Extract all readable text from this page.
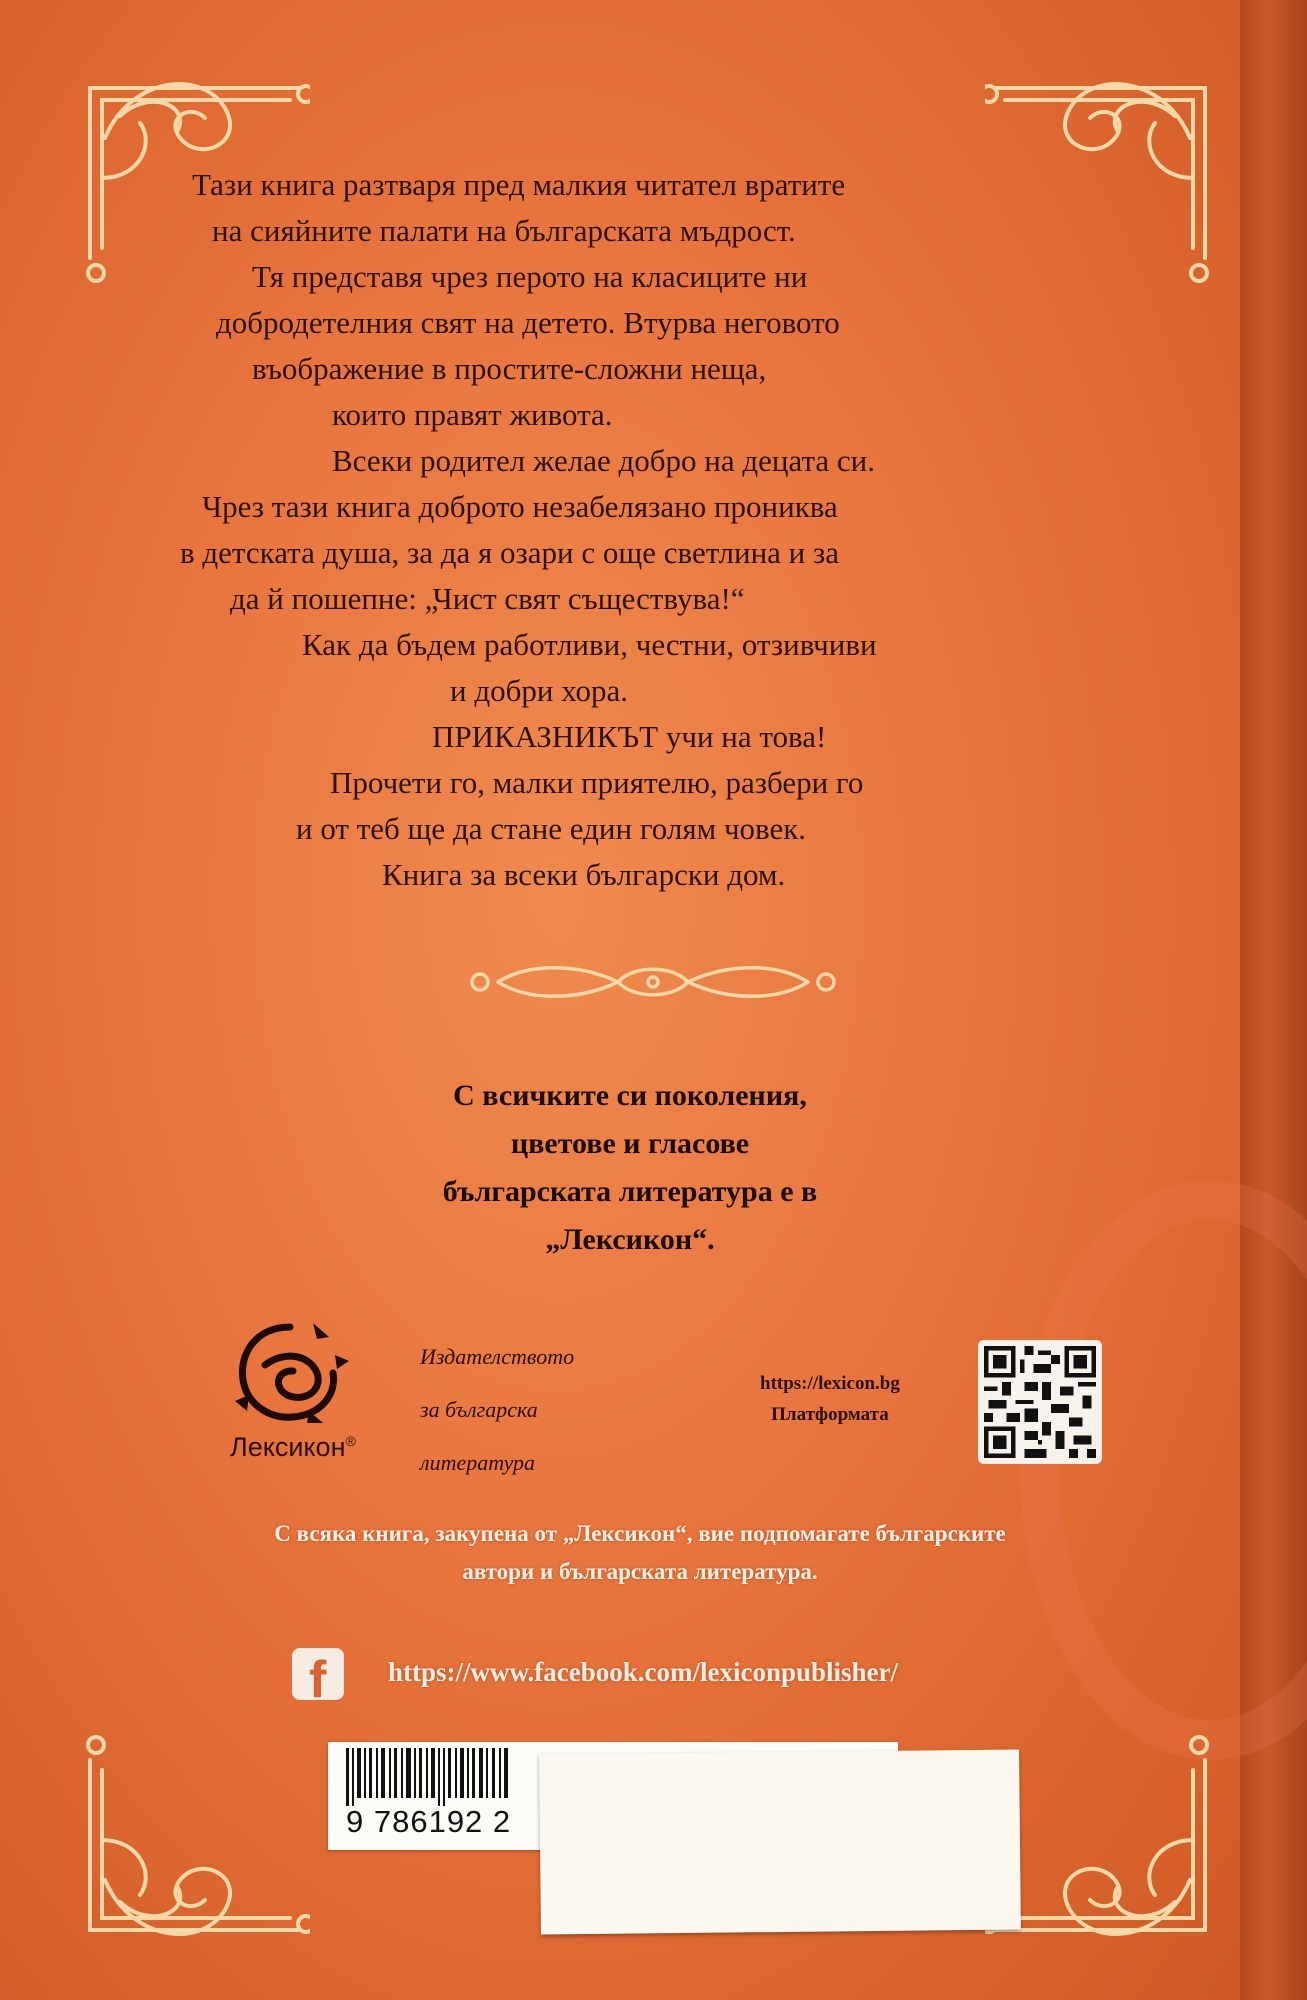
Тази книга разтваря пред малкия читател вратите

на сияйните палати на българската мъдрост.

Тя представя чрез перото на класиците ни

добродетелния свят на детето. Втурва неговото

въображение в простите-сложни неща,

които правят живота.

Всеки родител желае добро на децата си.

Чрез тази книга доброто незабелязано прониква

в детската душа, за да я озари с още светлина и за

да й пошепне: „Чист свят съществува!“

Как да бъдем работливи, честни, отзивчиви

и добри хора.

ПРИКАЗНИКЪТ учи на това!

Прочети го, малки приятелю, разбери го

и от теб ще да стане един голям човек.

Книга за всеки български дом.

С всичките си поколения,

цветове и гласове

българската литература е в

„Лексикон“.

Лексикон®

Издателството

за българска

литература

https://lexicon.bg

Платформата

С всяка книга, закупена от „Лексикон“, вие подпомагате българските

автори и българската литература.

f https://www.facebook.com/lexiconpublisher/
9 786192 2
